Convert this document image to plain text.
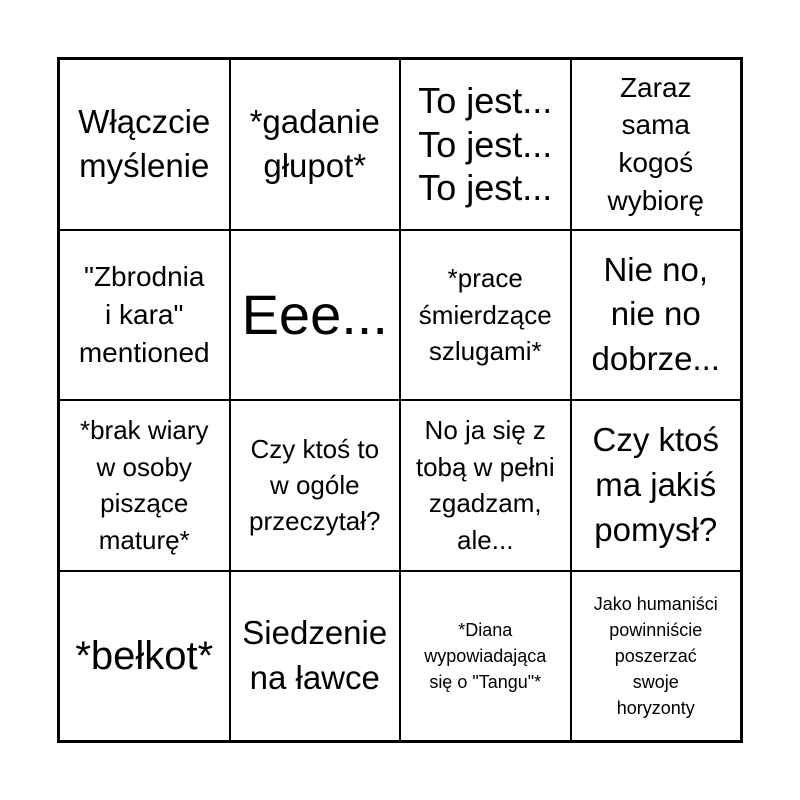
Włączcie
myślenie
*gadanie
głupot*
To jest...
To jest...
To jest...
Zaraz
sama
kogoś
wybiorę
"Zbrodnia
i kara"
mentioned
Eee...
*prace
śmierdzące
szlugami*
Nie no,
nie no
dobrze...
*brak wiary
w osoby
piszące
maturę*
Czy ktoś to
w ogóle
przeczytał?
No ja się z
tobą w pełni
zgadzam,
ale...
Czy ktoś
ma jakiś
pomysł?
*bełkot*
Siedzenie
na ławce
*Diana
wypowiadająca
się o "Tangu"*
Jako humaniści
powinniście
poszerzać
swoje
horyzonty
